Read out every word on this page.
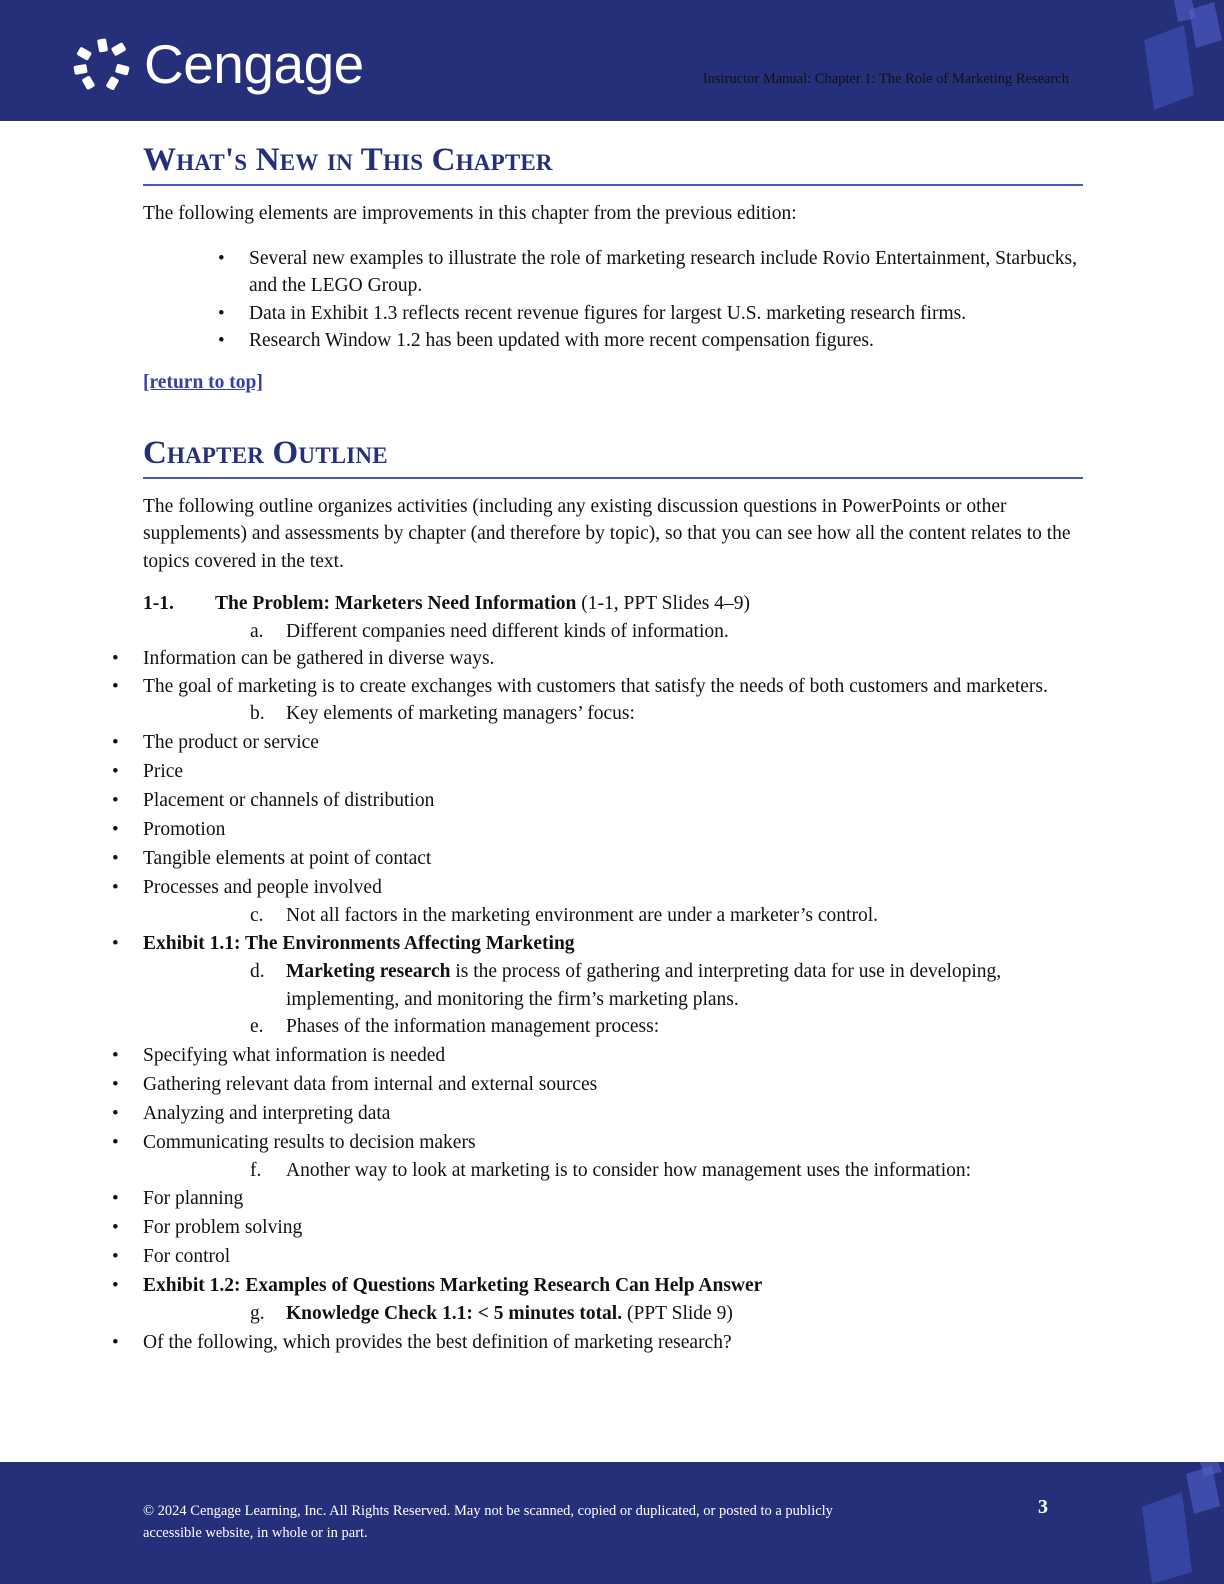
Cengage	Instructor Manual: Chapter 1: The Role of Marketing Research
What's New in This Chapter

The following elements are improvements in this chapter from the previous edition:

• Several new examples to illustrate the role of marketing research include Rovio Entertainment, Starbucks, and the LEGO Group.
• Data in Exhibit 1.3 reflects recent revenue figures for largest U.S. marketing research firms.
• Research Window 1.2 has been updated with more recent compensation figures.
[return to top]
Chapter Outline

The following outline organizes activities (including any existing discussion questions in PowerPoints or other supplements) and assessments by chapter (and therefore by topic), so that you can see how all the content relates to the topics covered in the text.

1-1. The Problem: Marketers Need Information (1-1, PPT Slides 4–9)
a. Different companies need different kinds of information.
• Information can be gathered in diverse ways.
• The goal of marketing is to create exchanges with customers that satisfy the needs of both customers and marketers.
b. Key elements of marketing managers’ focus:
• The product or service
• Price
• Placement or channels of distribution
• Promotion
• Tangible elements at point of contact
• Processes and people involved
c. Not all factors in the marketing environment are under a marketer’s control.
• Exhibit 1.1: The Environments Affecting Marketing
d. Marketing research is the process of gathering and interpreting data for use in developing, implementing, and monitoring the firm’s marketing plans.
e. Phases of the information management process:
• Specifying what information is needed
• Gathering relevant data from internal and external sources
• Analyzing and interpreting data
• Communicating results to decision makers
f. Another way to look at marketing is to consider how management uses the information:
• For planning
• For problem solving
• For control
• Exhibit 1.2: Examples of Questions Marketing Research Can Help Answer
g. Knowledge Check 1.1: < 5 minutes total. (PPT Slide 9)
• Of the following, which provides the best definition of marketing research?
© 2024 Cengage Learning, Inc. All Rights Reserved. May not be scanned, copied or duplicated, or posted to a publicly accessible website, in whole or in part.
3
